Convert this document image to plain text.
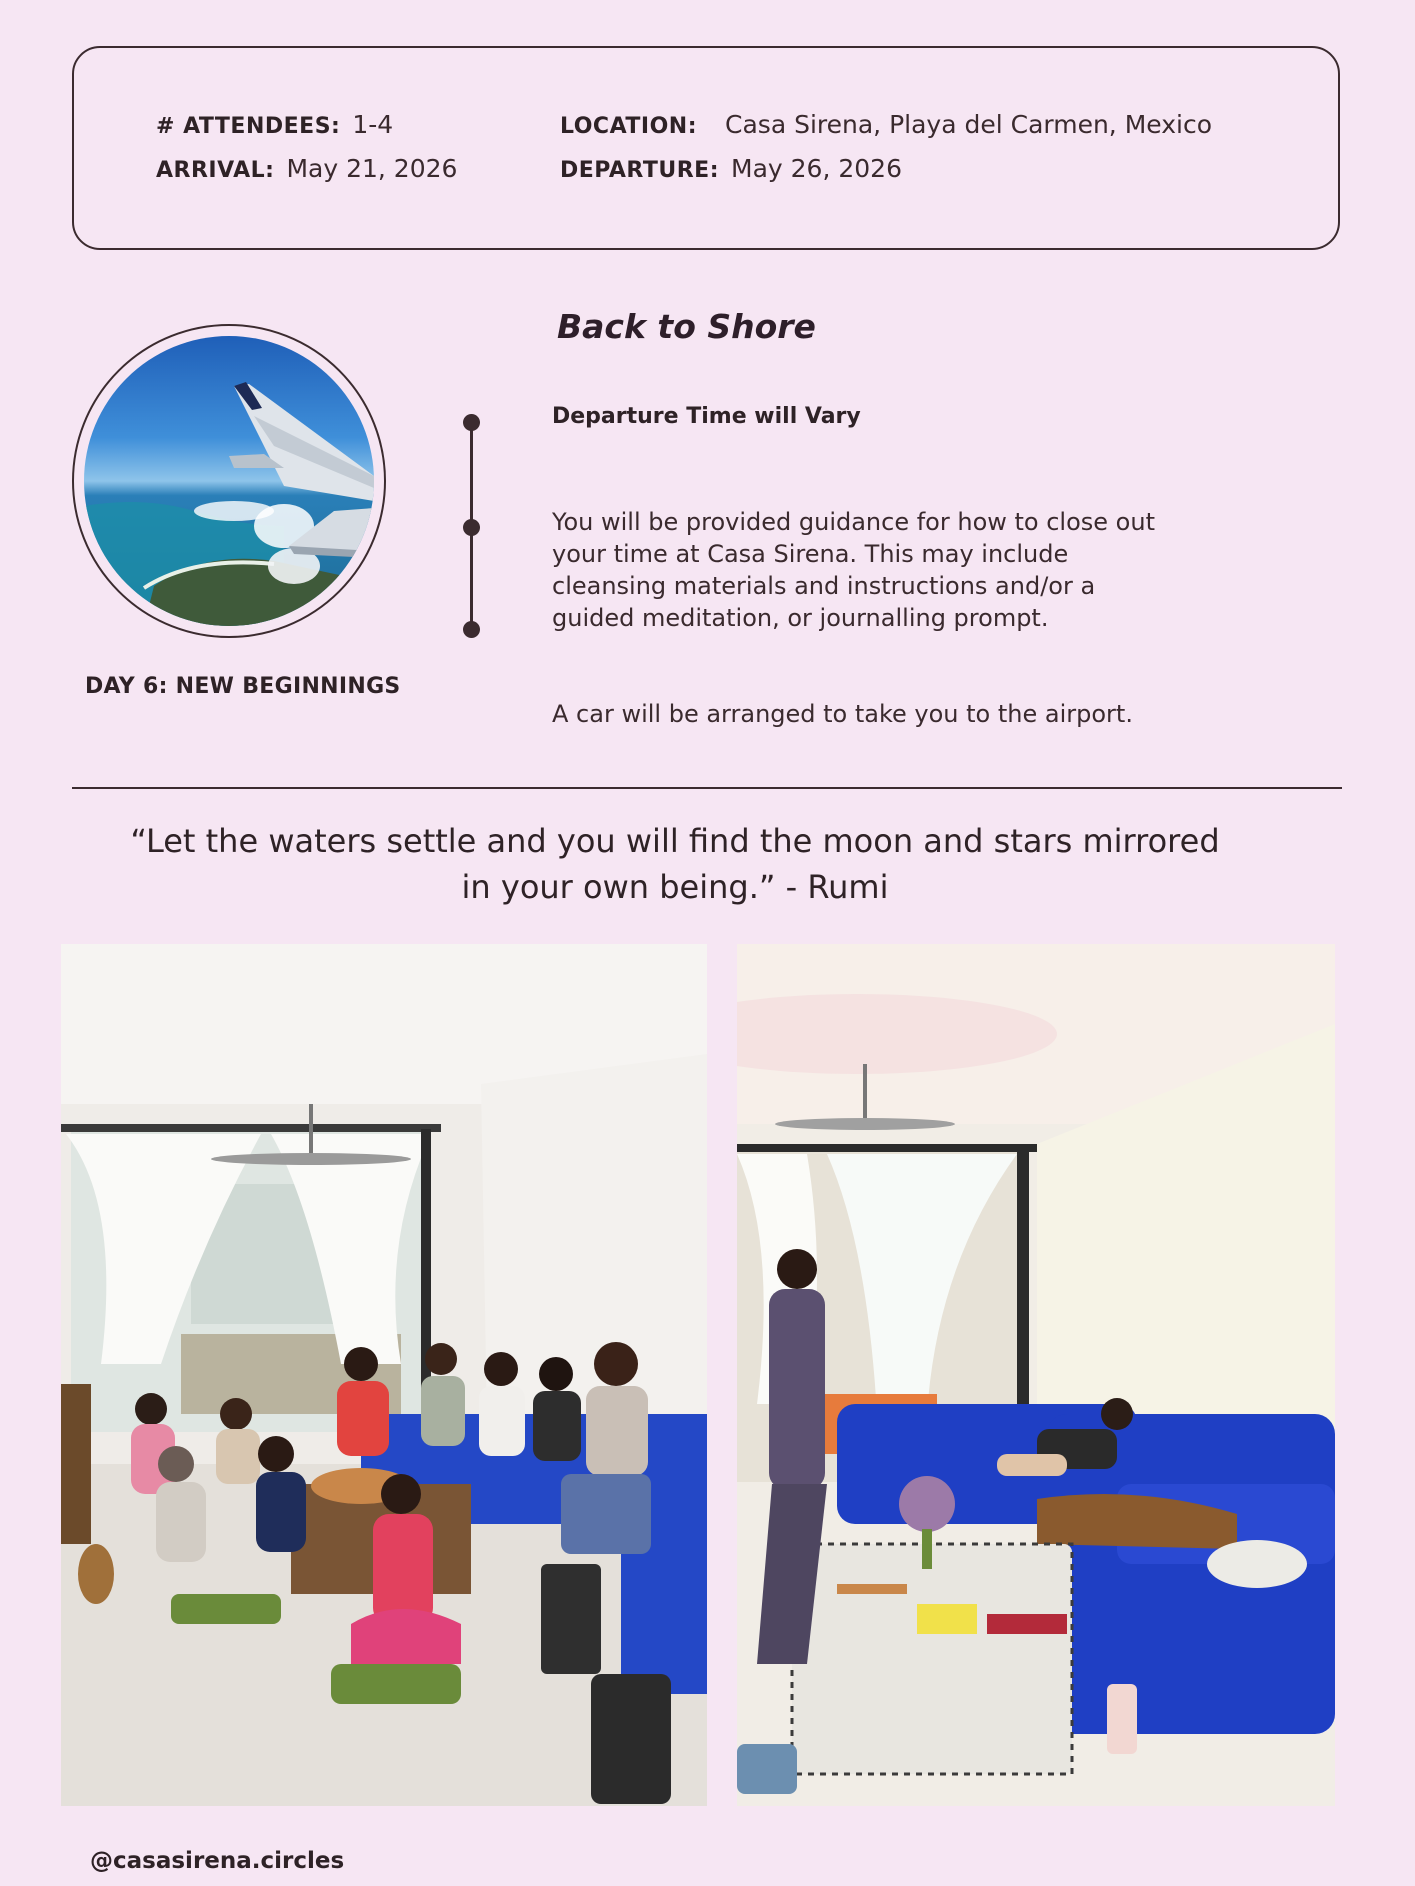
# ATTENDEES: 1-4
ARRIVAL: May 21, 2026
LOCATION: Casa Sirena, Playa del Carmen, Mexico
DEPARTURE: May 26, 2026
DAY 6: NEW BEGINNINGS
Back to Shore
Departure Time will Vary

You will be provided guidance for how to close out your time at Casa Sirena. This may include cleansing materials and instructions and/or a guided meditation, or journalling prompt.

A car will be arranged to take you to the airport.

“Let the waters settle and you will find the moon and stars mirrored in your own being.” - Rumi

@casasirena.circles
